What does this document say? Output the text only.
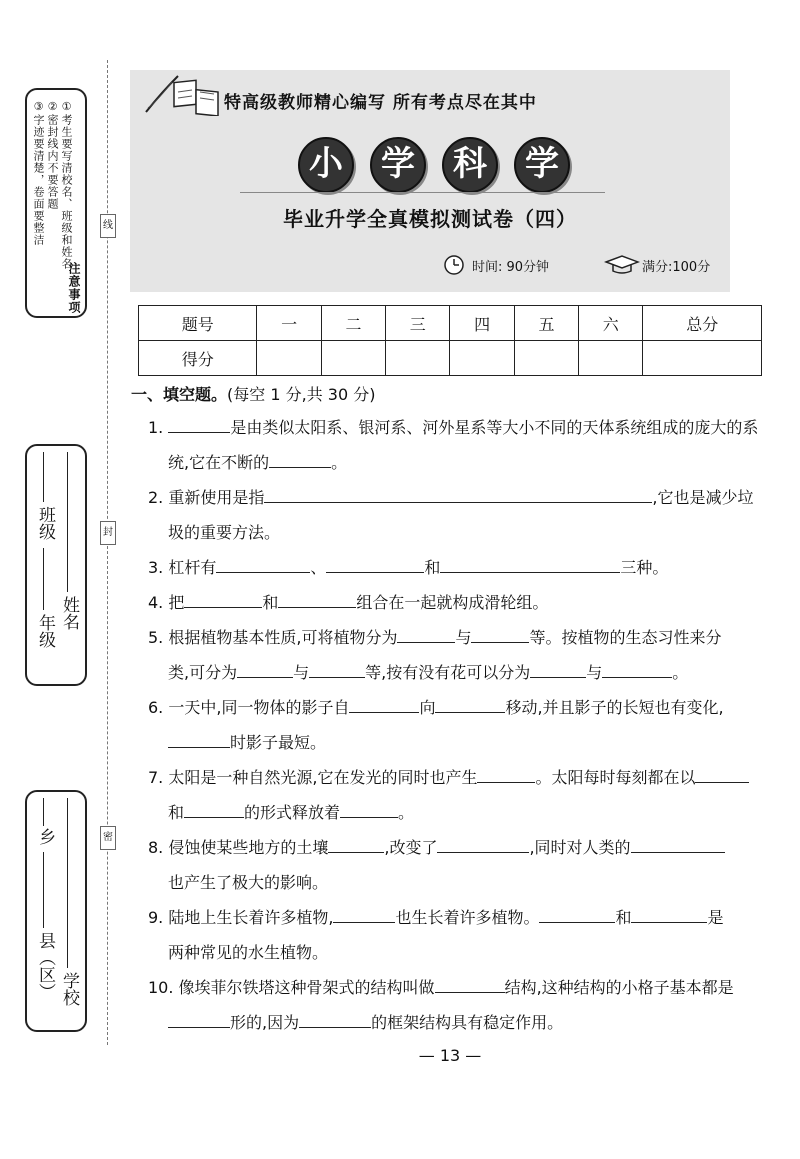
①考生要写清校名、班级和姓名
②密封线内不要答题
③字迹要清楚，卷面要整洁
注意事项
年级
班级
姓名
县（区）
乡
学校
线
封
密
特高级教师精心编写 所有考点尽在其中
小	学	科	学
毕业升学全真模拟测试卷（四）
时间: 90分钟	满分:100分
题号	一	二	三	四	五	六	总分
得分							
一、填空题。(每空 1 分,共 30 分)
1.	是由类似太阳系、银河系、河外星系等大小不同的天体系统组成的庞大的系
统,它在不断的	。
2. 重新使用是指	,它也是减少垃
圾的重要方法。
3. 杠杆有	、	和	三种。
4. 把	和	组合在一起就构成滑轮组。
5. 根据植物基本性质,可将植物分为	与	等。按植物的生态习性来分
类,可分为	与	等,按有没有花可以分为	与	。
6. 一天中,同一物体的影子自	向	移动,并且影子的长短也有变化,
时影子最短。
7. 太阳是一种自然光源,它在发光的同时也产生	。太阳每时每刻都在以
和	的形式释放着	。
8. 侵蚀使某些地方的土壤	,改变了	,同时对人类的
也产生了极大的影响。
9. 陆地上生长着许多植物,	也生长着许多植物。	和	是
两种常见的水生植物。
10. 像埃菲尔铁塔这种骨架式的结构叫做	结构,这种结构的小格子基本都是
形的,因为	的框架结构具有稳定作用。
— 13 —
